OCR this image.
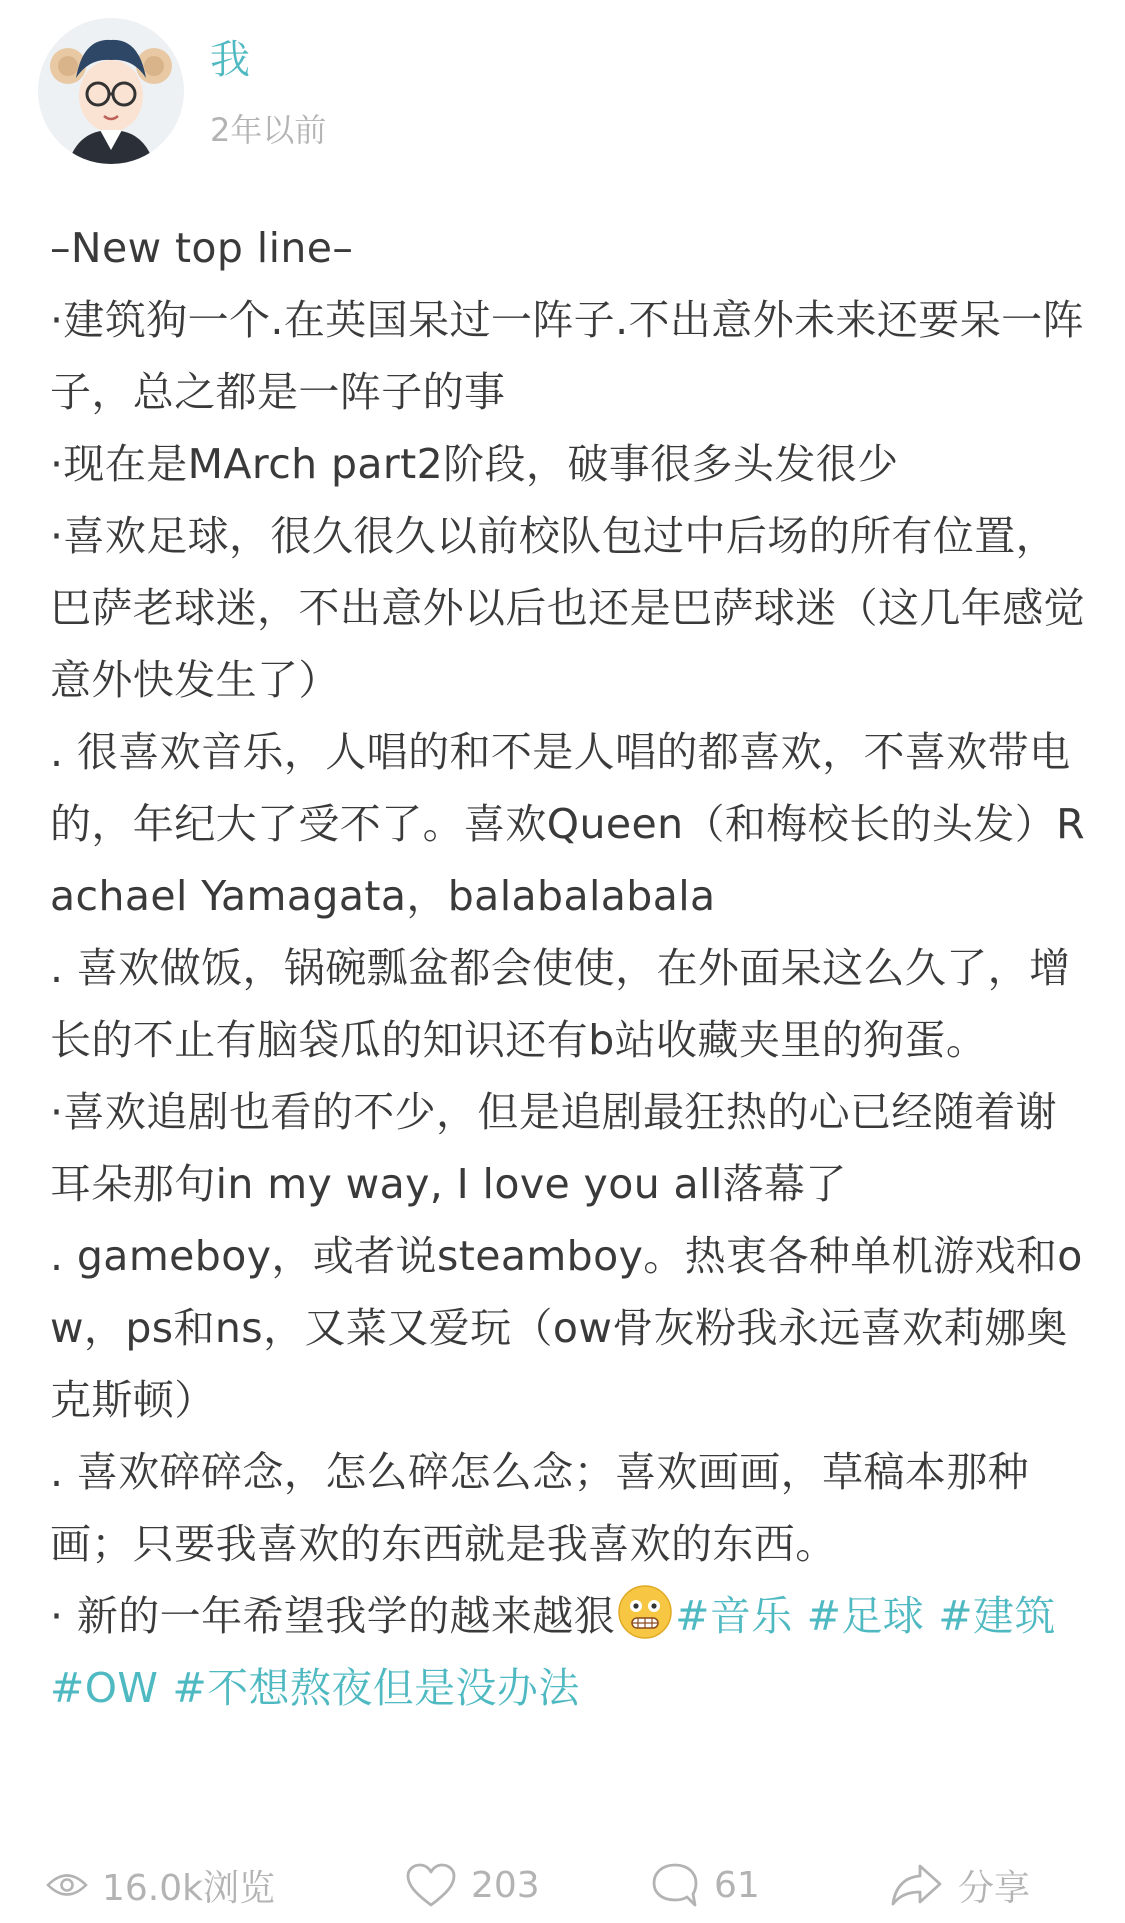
我
2年以前

–New top line–

·建筑狗一个.在英国呆过一阵子.不出意外未来还要呆一阵子，总之都是一阵子的事

·现在是MArch part2阶段，破事很多头发很少

·喜欢足球，很久很久以前校队包过中后场的所有位置，巴萨老球迷，不出意外以后也还是巴萨球迷（这几年感觉意外快发生了）

. 很喜欢音乐，人唱的和不是人唱的都喜欢，不喜欢带电的，年纪大了受不了。喜欢Queen（和梅校长的头发）Rachael Yamagata，balabalabala

. 喜欢做饭，锅碗瓢盆都会使使，在外面呆这么久了，增长的不止有脑袋瓜的知识还有b站收藏夹里的狗蛋。

·喜欢追剧也看的不少，但是追剧最狂热的心已经随着谢耳朵那句in my way, I love you all落幕了

. gameboy，或者说steamboy。热衷各种单机游戏和ow，ps和ns，又菜又爱玩（ow骨灰粉我永远喜欢莉娜奥克斯顿）

. 喜欢碎碎念，怎么碎怎么念；喜欢画画，草稿本那种画；只要我喜欢的东西就是我喜欢的东西。

· 新的一年希望我学的越来越狠 #音乐 #足球 #建筑#OW #不想熬夜但是没办法

16.0k浏览	203	61	分享
